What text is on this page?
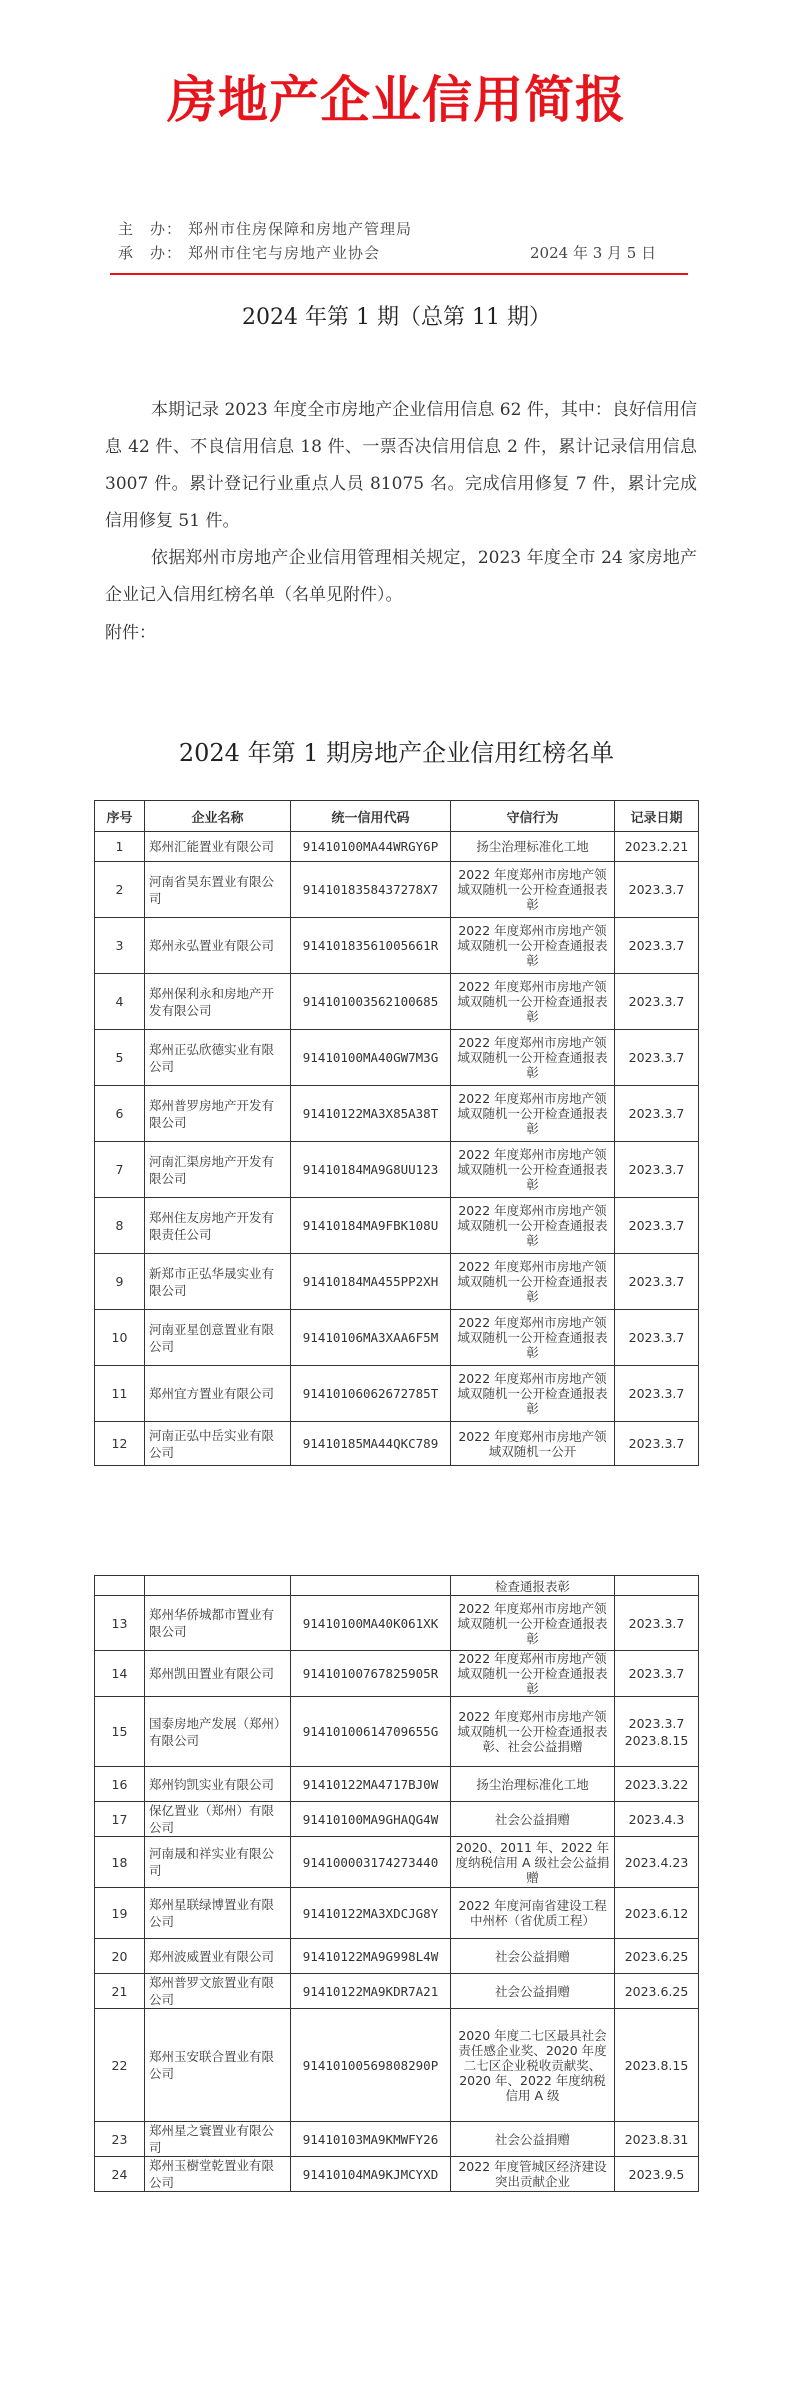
房地产企业信用简报
主　办： 郑州市住房保障和房地产管理局
承　办： 郑州市住宅与房地产业协会	2024 年 3 月 5 日
2024 年第 1 期（总第 11 期）
本期记录 2023 年度全市房地产企业信用信息 62 件，其中：良好信用信息 42 件、不良信用信息 18 件、一票否决信用信息 2 件，累计记录信用信息 3007 件。累计登记行业重点人员 81075 名。完成信用修复 7 件，累计完成信用修复 51 件。
依据郑州市房地产企业信用管理相关规定，2023 年度全市 24 家房地产企业记入信用红榜名单（名单见附件）。
附件：
2024 年第 1 期房地产企业信用红榜名单
序号	企业名称	统一信用代码	守信行为	记录日期
1	郑州汇能置业有限公司	91410100MA44WRGY6P	扬尘治理标准化工地	2023.2.21
2	河南省昊东置业有限公司	91410183584372​78X7	2022 年度郑州市房地产领域双随机一公开检查通报表彰	2023.3.7
3	郑州永弘置业有限公司	914101835610056​61R	2022 年度郑州市房地产领域双随机一公开检查通报表彰	2023.3.7
4	郑州保利永和房地产开发有限公司	914101003562100685	2022 年度郑州市房地产领域双随机一公开检查通报表彰	2023.3.7
5	郑州正弘欣德实业有限公司	91410100MA40GW7M3G	2022 年度郑州市房地产领域双随机一公开检查通报表彰	2023.3.7
6	郑州普罗房地产开发有限公司	91410122MA3X85A38T	2022 年度郑州市房地产领域双随机一公开检查通报表彰	2023.3.7
7	河南汇渠房地产开发有限公司	91410184MA9G8UU123	2022 年度郑州市房地产领域双随机一公开检查通报表彰	2023.3.7
8	郑州住友房地产开发有限责任公司	91410184MA9FBK108U	2022 年度郑州市房地产领域双随机一公开检查通报表彰	2023.3.7
9	新郑市正弘华晟实业有限公司	91410184MA455PP2XH	2022 年度郑州市房地产领域双随机一公开检查通报表彰	2023.3.7
10	河南亚星创意置业有限公司	91410106MA3XAA6F5M	2022 年度郑州市房地产领域双随机一公开检查通报表彰	2023.3.7
11	郑州宜方置业有限公司	91410106062672785T	2022 年度郑州市房地产领域双随机一公开检查通报表彰	2023.3.7
12	河南正弘中岳实业有限公司	91410185MA44QKC789	2022 年度郑州市房地产领域双随机一公开	2023.3.7
			检查通报表彰	
13	郑州华侨城都市置业有限公司	91410100MA40K061XK	2022 年度郑州市房地产领域双随机一公开检查通报表彰	2023.3.7
14	郑州凯田置业有限公司	914101007678259​05R	2022 年度郑州市房地产领域双随机一公开检查通报表彰	2023.3.7
15	国泰房地产发展（郑州）有限公司	91410100614709655G	2022 年度郑州市房地产领域双随机一公开检查通报表彰、社会公益捐赠	2023.3.7
2023.8.15
16	郑州钧凯实业有限公司	91410122MA4717BJ0W	扬尘治理标准化工地	2023.3.22
17	保亿置业（郑州）有限公司	91410100MA9GHAQG4W	社会公益捐赠	2023.4.3
18	河南晟和祥实业有限公司	914100003174273440	2020、2011 年、2022 年度纳税信用 A 级社会公益捐赠	2023.4.23
19	郑州星联绿博置业有限公司	91410122MA3XDCJG8Y	2022 年度河南省建设工程中州杯（省优质工程）	2023.6.12
20	郑州波威置业有限公司	91410122MA9G998L4W	社会公益捐赠	2023.6.25
21	郑州普罗文旅置业有限公司	91410122MA9KDR7A21	社会公益捐赠	2023.6.25
22	郑州玉安联合置业有限公司	91410100569808290P	2020 年度二七区最具社会责任感企业奖、2020 年度二七区企业税收贡献奖、2020 年、2022 年度纳税信用 A 级	2023.8.15
23	郑州星之寰置业有限公司	91410103MA9KMWFY26	社会公益捐赠	2023.8.31
24	郑州玉樹堂乾置业有限公司	91410104MA9KJMCYXD	2022 年度管城区经济建设突出贡献企业	2023.9.5
